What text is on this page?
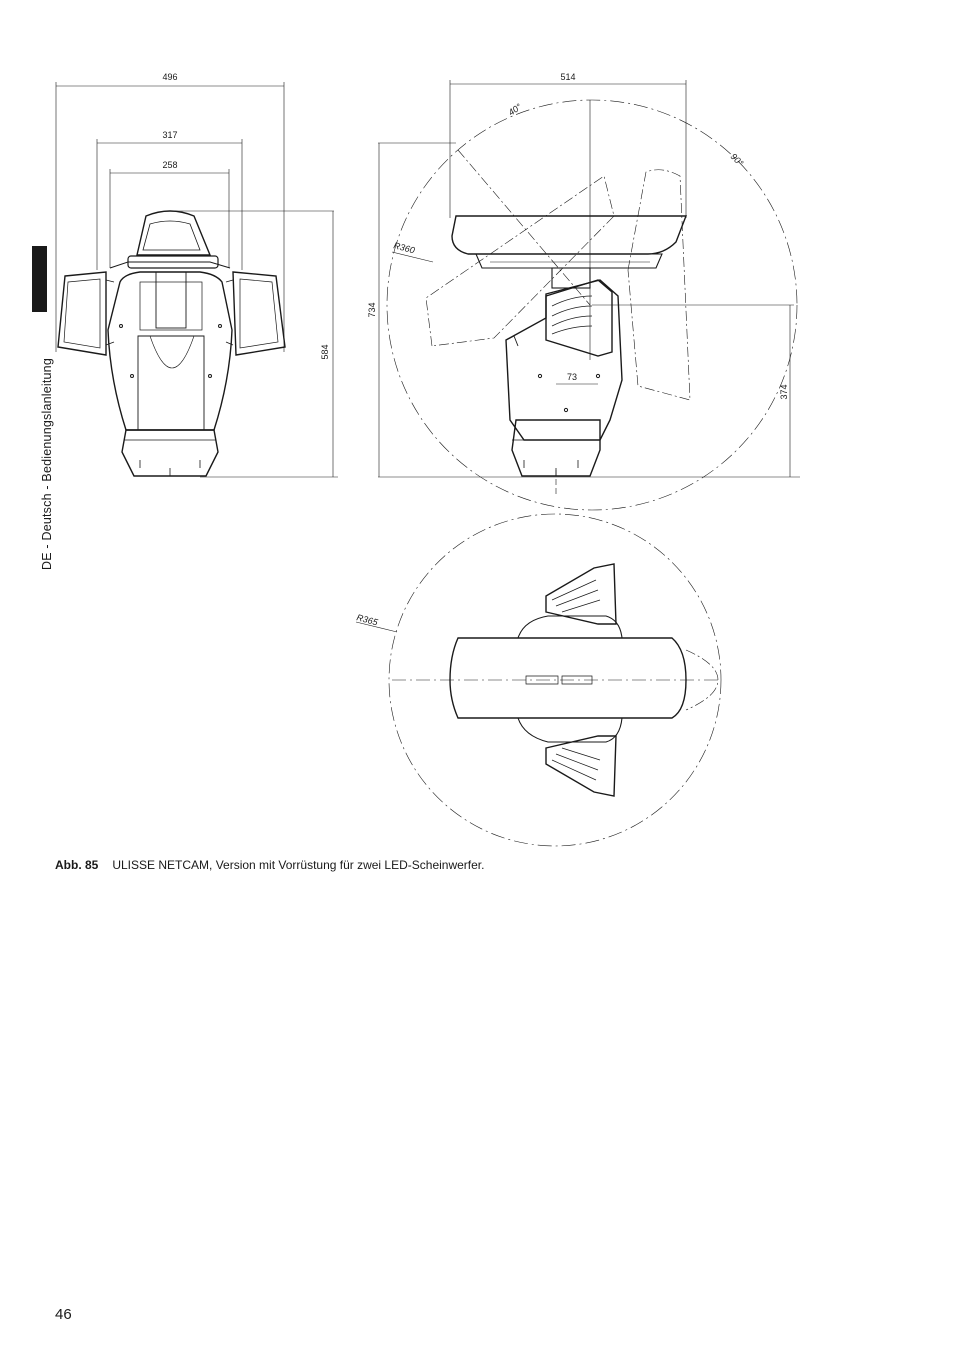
DE - Deutsch - Bedienungslanleitung
496
317
258
584
514
734
374
73
R360
40°
90°
R365
Abb. 85 ULISSE NETCAM, Version mit Vorrüstung für zwei LED-Scheinwerfer.
46
